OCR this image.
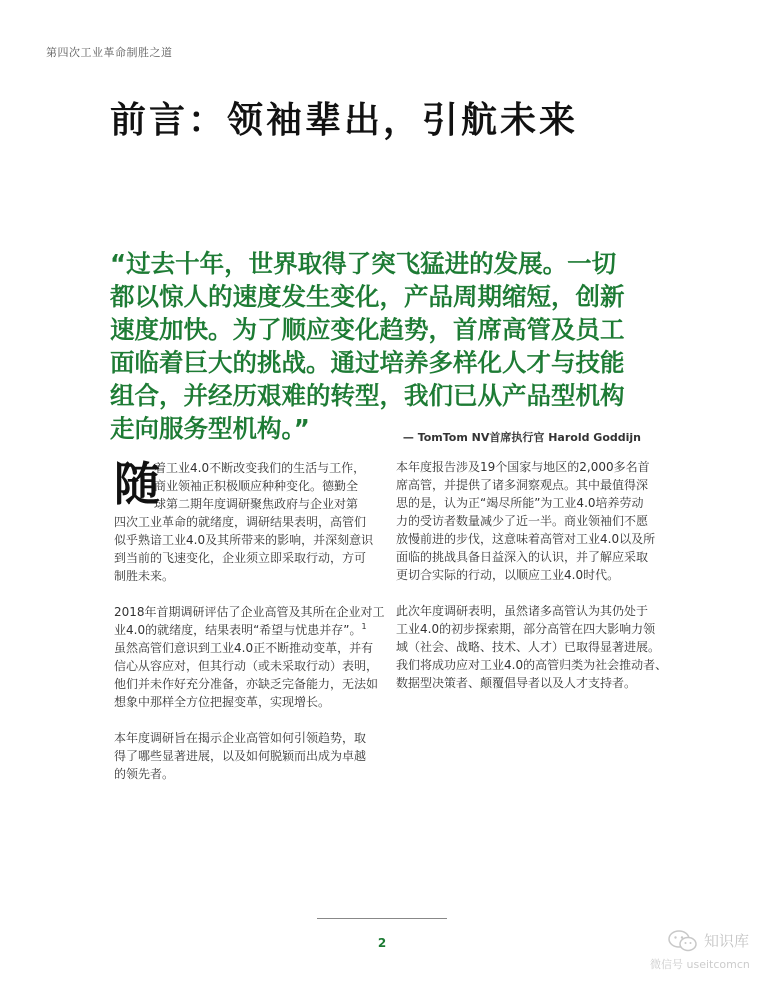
第四次工业革命制胜之道
前言：领袖辈出，引航未来
“过去十年，世界取得了突飞猛进的发展。一切
都以惊人的速度发生变化，产品周期缩短，创新
速度加快。为了顺应变化趋势，首席高管及员工
面临着巨大的挑战。通过培养多样化人才与技能
组合，并经历艰难的转型，我们已从产品型机构
走向服务型机构。”	— TomTom NV首席执行官 Harold Goddijn

随
着工业4.0不断改变我们的生活与工作，
商业领袖正积极顺应种种变化。德勤全
球第二期年度调研聚焦政府与企业对第
四次工业革命的就绪度，调研结果表明，高管们
似乎熟谙工业4.0及其所带来的影响，并深刻意识
到当前的飞速变化，企业须立即采取行动，方可
制胜未来。

2018年首期调研评估了企业高管及其所在企业对工
业4.0的就绪度，结果表明“希望与忧患并存”。$^1$
虽然高管们意识到工业4.0正不断推动变革，并有
信心从容应对，但其行动（或未采取行动）表明，
他们并未作好充分准备，亦缺乏完备能力，无法如
想象中那样全方位把握变革，实现增长。

本年度调研旨在揭示企业高管如何引领趋势，取
得了哪些显著进展，以及如何脱颖而出成为卓越
的领先者。

本年度报告涉及19个国家与地区的2,000多名首
席高管，并提供了诸多洞察观点。其中最值得深
思的是，认为正“竭尽所能”为工业4.0培养劳动
力的受访者数量减少了近一半。商业领袖们不愿
放慢前进的步伐，这意味着高管对工业4.0以及所
面临的挑战具备日益深入的认识，并了解应采取
更切合实际的行动，以顺应工业4.0时代。

此次年度调研表明，虽然诸多高管认为其仍处于
工业4.0的初步探索期，部分高管在四大影响力领
域（社会、战略、技术、人才）已取得显著进展。
我们将成功应对工业4.0的高管归类为社会推动者、
数据型决策者、颠覆倡导者以及人才支持者。

2	知识库
微信号 useitcomcn
